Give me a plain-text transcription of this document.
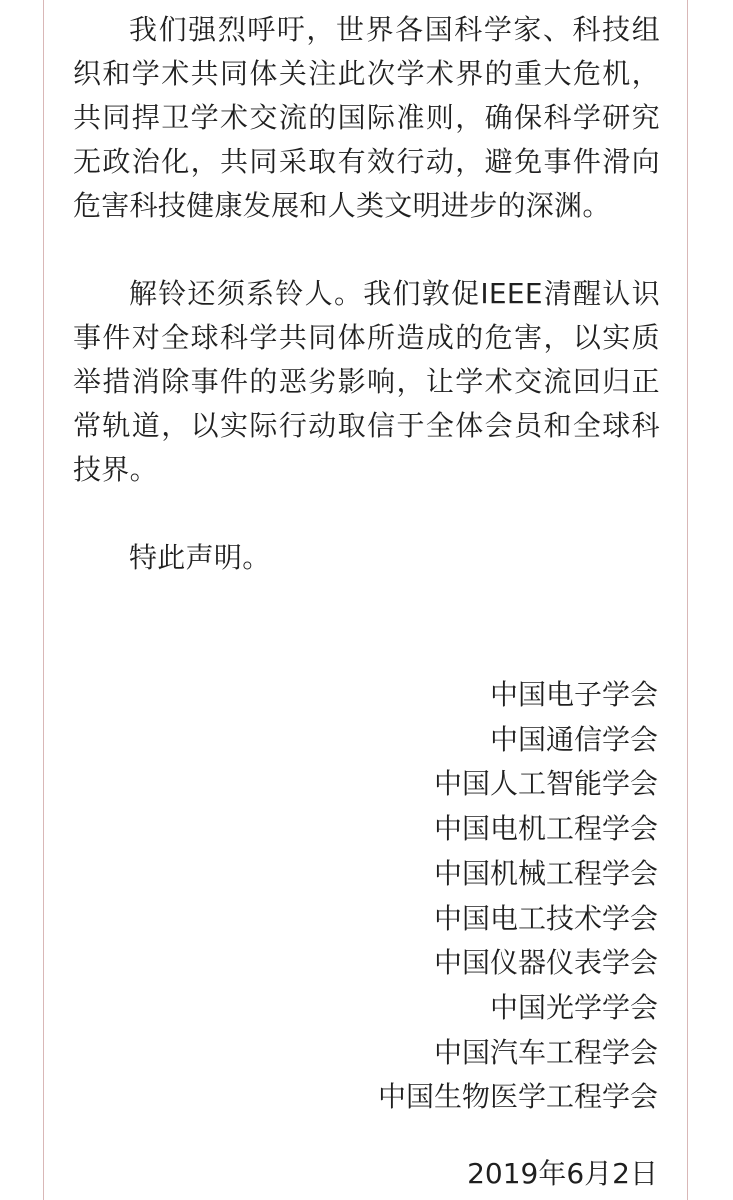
我们强烈呼吁，世界各国科学家、科技组织和学术共同体关注此次学术界的重大危机，共同捍卫学术交流的国际准则，确保科学研究无政治化，共同采取有效行动，避免事件滑向危害科技健康发展和人类文明进步的深渊。

解铃还须系铃人。我们敦促IEEE清醒认识事件对全球科学共同体所造成的危害，以实质举措消除事件的恶劣影响，让学术交流回归正常轨道，以实际行动取信于全体会员和全球科技界。

特此声明。

中国电子学会
中国通信学会
中国人工智能学会
中国电机工程学会
中国机械工程学会
中国电工技术学会
中国仪器仪表学会
中国光学学会
中国汽车工程学会
中国生物医学工程学会
2019年6月2日
